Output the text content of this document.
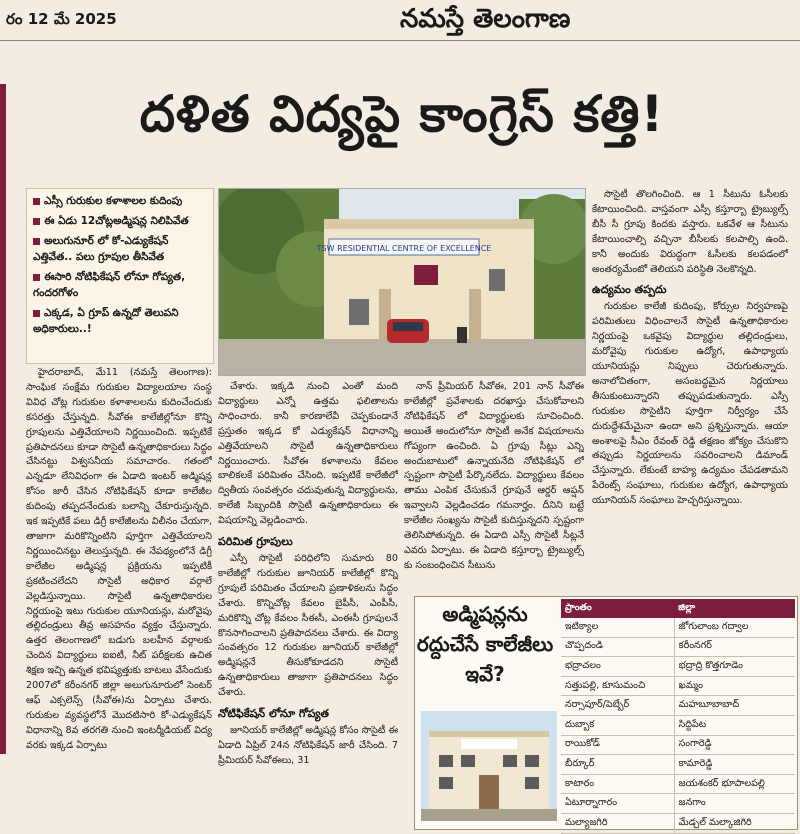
రం 12 మే 2025	నమస్తే తెలంగాణ
దళిత విద్యపై కాంగ్రెస్ కత్తి!
ఎస్సీ గురుకుల కళాశాలల కుదింపు
ఈ ఏడు 12చోట్లఅడ్మిషన్ల నిలిపివేత
అలుగునూర్ లో కో-ఎడ్యుకేషన్ ఎత్తివేత.. పలు గ్రూపుల తీసివేత
ఈసారి నోటిఫికేషన్ లోనూ గోప్యత, గందరగోళం
ఎక్కడ, ఏ గ్రూప్ ఉన్నదో తెలుపని అధికారులు..!
TSW RESIDENTIAL CENTRE OF EXCELLENCE

హైదరాబాద్, మే11 (నమస్తే తెలంగాణ): సాంఘిక సంక్షేమ గురుకుల విద్యాలయాల సంస్థ వివిధ చోట్ల గురుకుల కళాశాలలను కుదించేందుకు కసరత్తు చేస్తున్నది. సీవోఈ కాలేజీల్లోనూ కొన్ని గ్రూపులను ఎత్తివేయాలని నిర్ణయించింది. ఇప్పటికే ప్రతిపాదనలు కూడా సొసైటీ ఉన్నతాధికారులు సిద్ధం చేసినట్టు విశ్వసనీయ సమాచారం. గతంలో ఎన్నడూ లేనివిధంగా ఈ ఏడాది ఇంటర్ అడ్మిషన్ల కోసం జారీ చేసిన నోటిఫికేషన్ కూడా కాలేజీల కుదింపు తప్పదనేందుకు బలాన్ని చేకూరుస్తున్నది. ఇక ఇప్పటికే పలు డిగ్రీ కాలేజీలను విలీనం చేయగా, తాజాగా మరికొన్నింటిని పూర్తిగా ఎత్తివేయాలని నిర్ణయించినట్టు తెలుస్తున్నది. ఈ నేపథ్యంలోనే డిగ్రీ కాలేజీల అడ్మిషన్ల ప్రక్రియను ఇప్పటికీ ప్రకటించలేదని సొసైటీ అధికార వర్గాలే వెల్లడిస్తున్నాయి. సొసైటీ ఉన్నతాధికారుల నిర్ణయంపై ఇటు గురుకుల యూనియన్లు, మరోవైపు తల్లిదండ్రులు తీవ్ర అసహనం వ్యక్తం చేస్తున్నారు. ఉత్తర తెలంగాణలో బడుగు బలహీన వర్గాలకు చెందిన విద్యార్థులు ఐఐటీ, నీట్ పరీక్షలకు ఉచిత శిక్షణ ఇచ్చి ఉన్నత భవిష్యత్తుకు బాటలు వేసేందుకు 2007లో కరీంనగర్ జిల్లా అలుగునూరులో సెంటర్ ఆఫ్ ఎక్సలెన్స్ (సీవోఈ)ను ఏర్పాటు చేశారు. గురుకుల వ్యవస్థలోనే మొదటిసారి కో-ఎడ్యుకేషన్ విధానాన్ని 8వ తరగతి నుంచి ఇంటర్మీడియట్ విద్య వరకు ఇక్కడ ఏర్పాటు

చేశారు. ఇక్కడి నుంచి ఎంతో మంది విద్యార్థులు ఎన్నో ఉత్తమ ఫలితాలను సాధించారు. కానీ కారణాలేవీ చెప్పకుండానే ప్రస్తుతం ఇక్కడ కో ఎడ్యుకేషన్ విధానాన్ని ఎత్తివేయాలని సొసైటీ ఉన్నతాధికారులు నిర్ణయించారు. సీవోఈ కళాశాలను కేవలం బాలికలకే పరిమితం చేసింది. ఇప్పటికే కాలేజీలో ద్వితీయ సంవత్సరం చదువుతున్న విద్యార్థులను, కాలేజీ సిబ్బందికి సొసైటీ ఉన్నతాధికారులు ఈ విషయాన్ని వెల్లడించారు.

పరిమిత గ్రూపులు

ఎస్సీ సొసైటీ పరిధిలోని సుమారు 80 కాలేజీల్లో గురుకుల జూనియర్ కాలేజీల్లో కొన్ని గ్రూపులే పరిమితం చేయాలని ప్రణాళికలను సిద్ధం చేశారు. కొన్నిచోట్ల కేవలం బైపీసీ, ఎంపీసీ, మరికొన్ని చోట్ల కేవలం సీఈసీ, ఎంఈసీ గ్రూపులనే కొనసాగించాలని ప్రతిపాదనలు చేశారు. ఈ విద్యా సంవత్సరం 12 గురుకుల జూనియర్ కాలేజీల్లో అడ్మిషన్లనే తీసుకోకూడదని సొసైటీ ఉన్నతాధికారులు తాజాగా ప్రతిపాదనలు సిద్ధం చేశారు.

నోటిఫికేషన్ లోనూ గోప్యత

జూనియర్ కాలేజీల్లో అడ్మిషన్ల కోసం సొసైటీ ఈ ఏడాది ఏప్రిల్ 24న నోటిఫికేషన్ జారీ చేసింది. 7 ప్రీమియర్ సీవోఈలు, 31

నాన్ ప్రీమియర్ సీవోఈ, 201 నాన్ సీవోఈ కాలేజీల్లో ప్రవేశాలకు దరఖాస్తు చేసుకోవాలని నోటిఫికేషన్ లో విద్యార్థులకు సూచించింది. అయితే అందులోనూ సొసైటీ అనేక విషయాలను గోప్యంగా ఉంచింది. ఏ గ్రూపు సీట్లు ఎన్ని అందుబాటులో ఉన్నాయనేది నోటిఫికేషన్ లో స్పష్టంగా సొసైటీ పేర్కొనలేదు. విద్యార్థులు కేవలం తాము ఎంపిక చేసుకునే గ్రూపునే ఆర్డర్ ఆప్షన్ ఇవ్వాలని వెల్లడించడం గమనార్హం. దీనిని బట్టే కాలేజీల సంఖ్యను సొసైటీ కుదిస్తున్నదని స్పష్టంగా తెలిసిపోతున్నది. ఈ ఏడాది ఎస్సీ సొసైటీ సీట్లనే ఎవరు ఏర్పాటు. ఈ ఏడాది కస్తూర్బా ట్రైబ్యుల్స్ కు సంబంధించిన సీటును

సొసైటీ తొలగించింది. ఆ 1 సీటును ఓసీలకు కేటాయించింది. వాస్తవంగా ఎస్సీ కస్తూర్బా ట్రైబ్యుల్స్ బీసీ సీ గ్రూపు కిందకు వస్తారు. ఒకవేళ ఆ సీటును కేటాయించాల్సి వచ్చినా బీసీలకు కలపాల్సి ఉంది. కానీ అందుకు విరుద్ధంగా ఓసీలకు కలపడంలో అంతర్యమేంటో తెలియని పరిస్థితి నెలకొన్నది.

ఉద్యమం తప్పదు

గురుకుల కాలేజీ కుదింపు, కోర్సుల నిర్వహణపై పరిమితులు విధించాలనే సొసైటీ ఉన్నతాధికారుల నిర్ణయంపై ఒకవైపు విద్యార్థుల తల్లిదండ్రులు, మరోవైపు గురుకుల ఉద్యోగ, ఉపాధ్యాయ యూనియన్లు నిప్పులు చెరుగుతున్నారు. అనాలోచితంగా, అసంబద్ధమైన నిర్ణయాలు తీసుకుంటున్నారని తప్పుపడుతున్నారు. ఎస్సీ గురుకుల సొసైటీని పూర్తిగా నిర్వీర్యం చేసే దురుద్దేశమేమైనా ఉందా అని ప్రశ్నిస్తున్నారు. ఆయా అంశాలపై సీఎం రేవంత్ రెడ్డి తక్షణం జోక్యం చేసుకొని తప్పుడు నిర్ణయాలను సవరించాలని డిమాండ్ చేస్తున్నారు. లేకుంటే బాహ్య ఉద్యమం చేపడతామని పేరెంట్స్ సంఘాలు, గురుకుల ఉద్యోగ, ఉపాధ్యాయ యూనియన్ సంఘాలు హెచ్చరిస్తున్నాయి.

అడ్మిషన్లను రద్దుచేసే కాలేజీలు ఇవే?
ప్రాంతం	జిల్లా
ఇటిక్యాల	జోగులాంబ గద్వాల
చొప్పదండి	కరీంనగర్
భద్రాచలం	భద్రాద్రి కొత్తగూడెం
సత్తుపల్లి, కూసుమంచి	ఖమ్మం
నర్సాపూర్/పెబ్బేర్	మహబూబాబాద్
దుబ్బాక	సిద్దిపేట
రాయికోడ్	సంగారెడ్డి
బీర్కూర్	కామారెడ్డి
కాటారం	జయశంకర్ భూపాలపల్లి
ఏటూర్నాగారం	జనగాం
మల్యాజగిరి	మేడ్చల్ మల్కాజిగిరి
